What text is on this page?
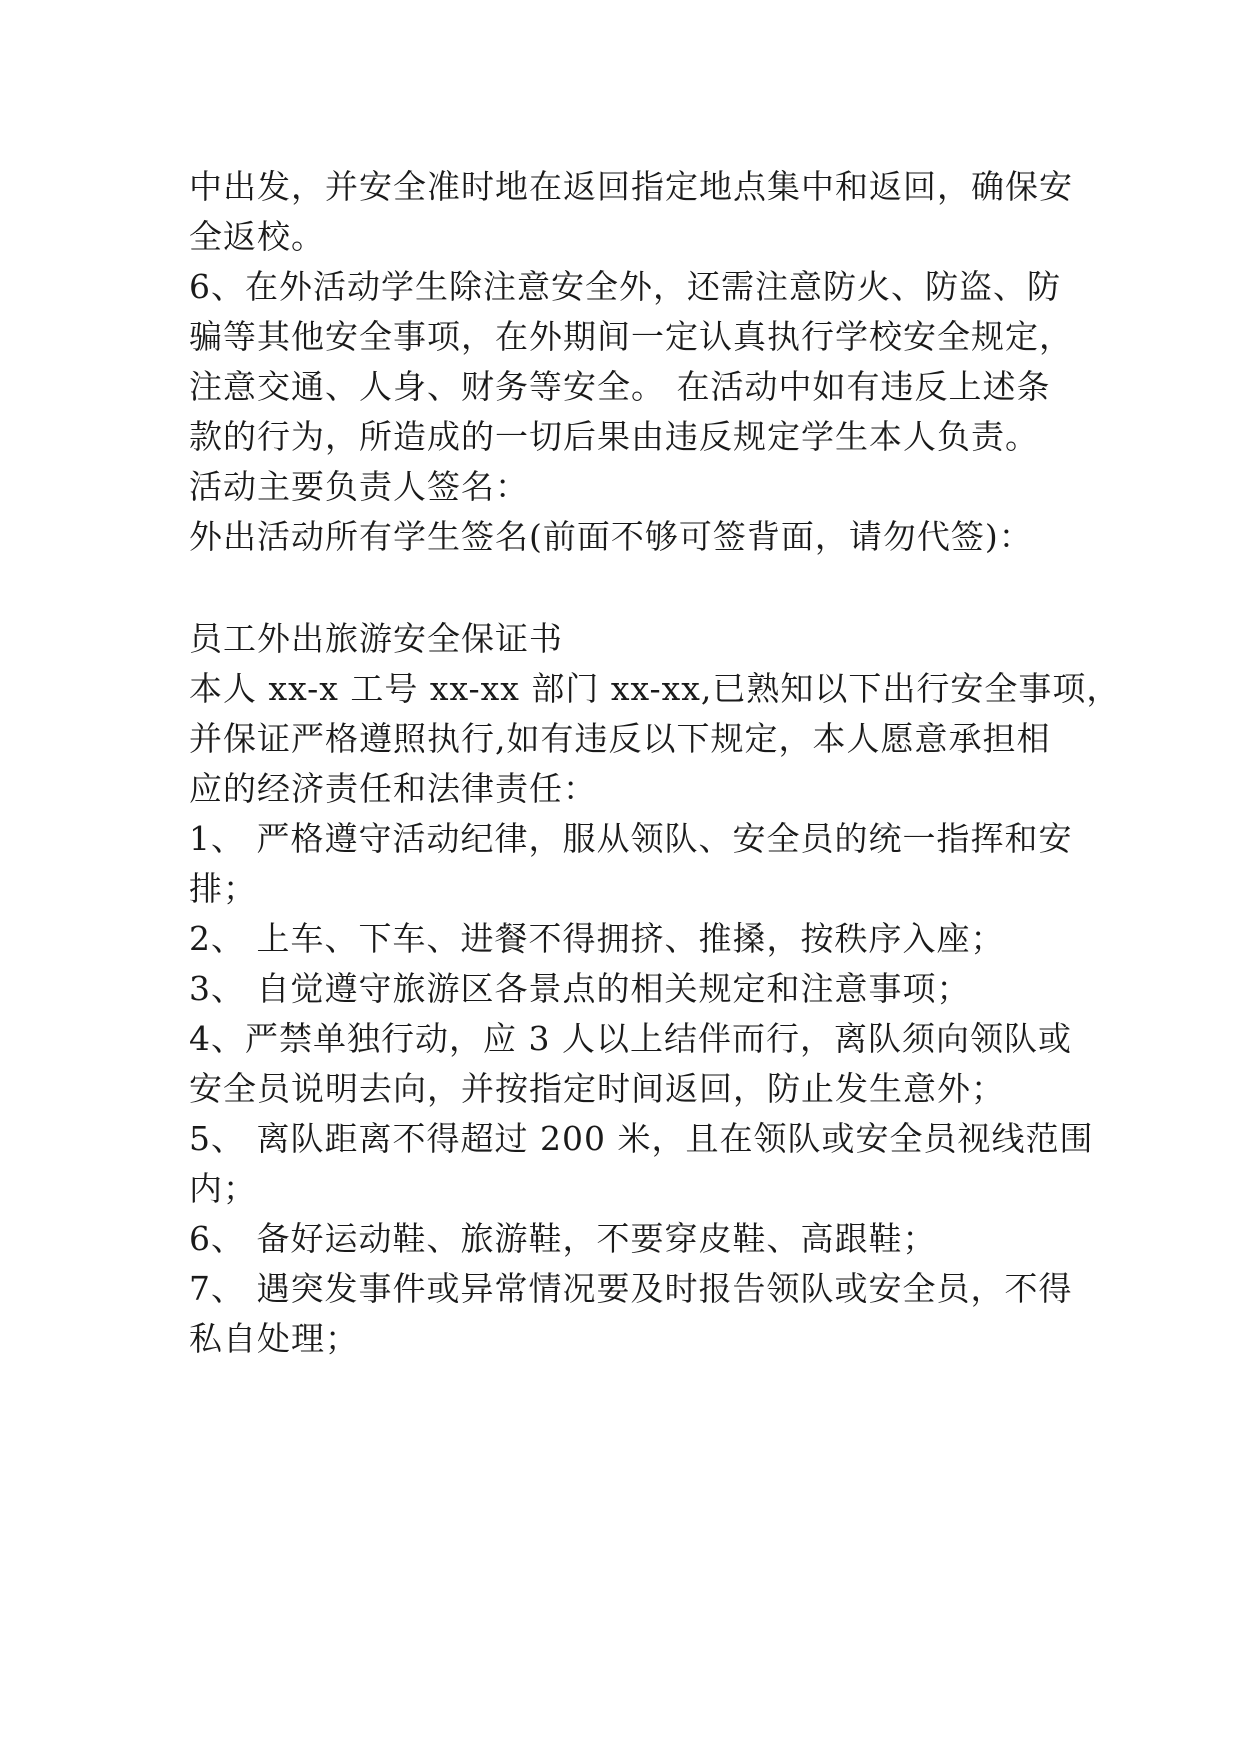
中出发，并安全准时地在返回指定地点集中和返回，确保安
全返校。
6、在外活动学生除注意安全外，还需注意防火、防盗、防
骗等其他安全事项，在外期间一定认真执行学校安全规定，
注意交通、人身、财务等安全。 在活动中如有违反上述条
款的行为，所造成的一切后果由违反规定学生本人负责。
活动主要负责人签名：
外出活动所有学生签名(前面不够可签背面，请勿代签)：
员工外出旅游安全保证书
本人 xx-x 工号 xx-xx 部门 xx-xx,已熟知以下出行安全事项，
并保证严格遵照执行,如有违反以下规定，本人愿意承担相
应的经济责任和法律责任：
1、 严格遵守活动纪律，服从领队、安全员的统一指挥和安
排；
2、 上车、下车、进餐不得拥挤、推搡，按秩序入座；
3、 自觉遵守旅游区各景点的相关规定和注意事项；
4、严禁单独行动，应 3 人以上结伴而行，离队须向领队或
安全员说明去向，并按指定时间返回，防止发生意外；
5、 离队距离不得超过 200 米，且在领队或安全员视线范围
内；
6、 备好运动鞋、旅游鞋，不要穿皮鞋、高跟鞋；
7、 遇突发事件或异常情况要及时报告领队或安全员，不得
私自处理；
